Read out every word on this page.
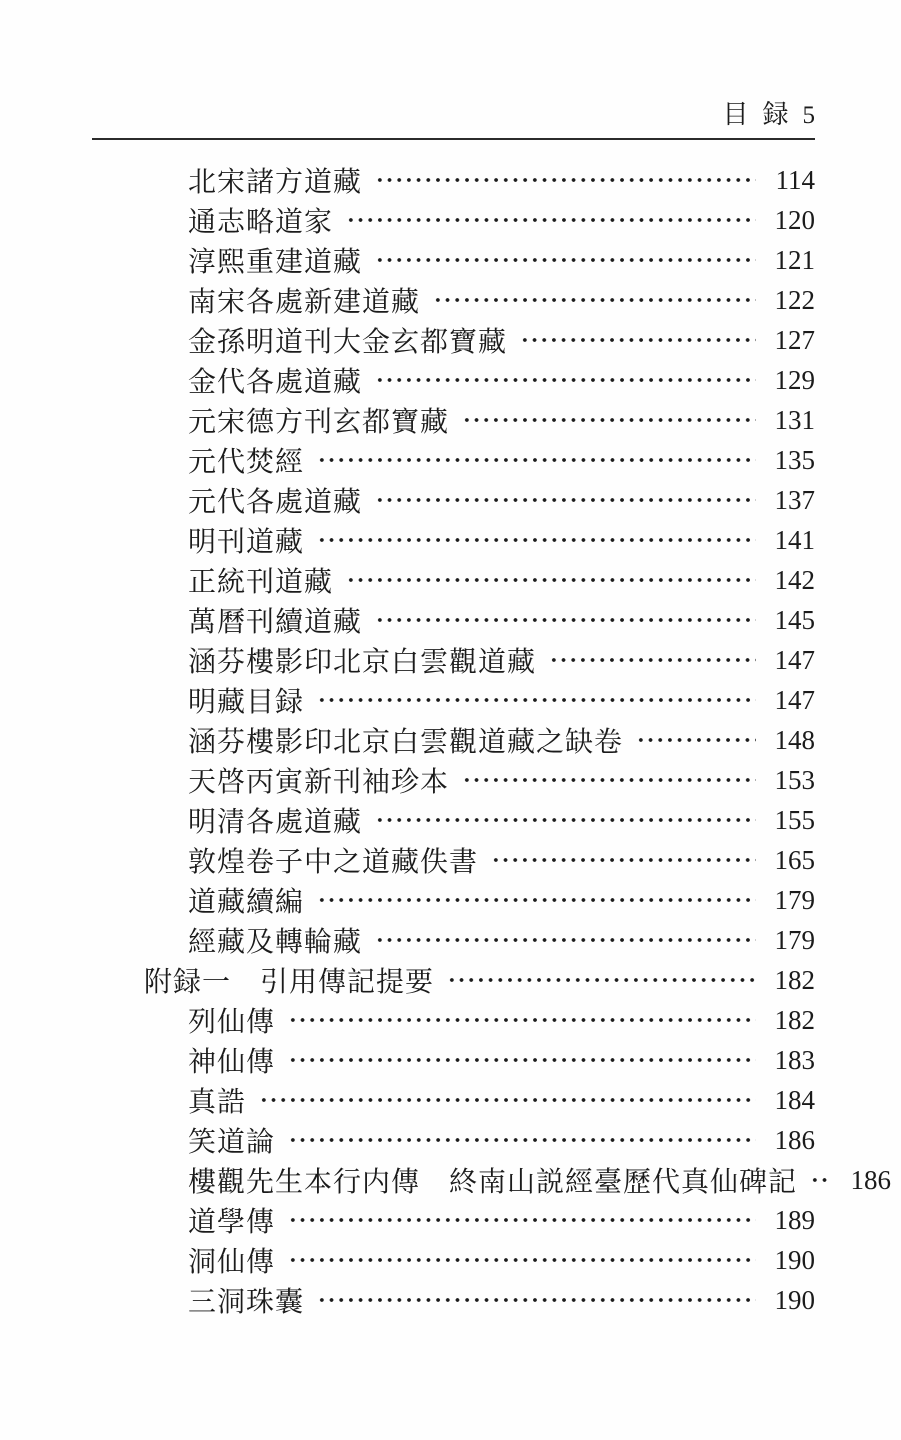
目録 5
北宋諸方道藏	114
通志略道家	120
淳熙重建道藏	121
南宋各處新建道藏	122
金孫明道刊大金玄都寶藏	127
金代各處道藏	129
元宋德方刊玄都寶藏	131
元代焚經	135
元代各處道藏	137
明刊道藏	141
正統刊道藏	142
萬曆刊續道藏	145
涵芬樓影印北京白雲觀道藏	147
明藏目録	147
涵芬樓影印北京白雲觀道藏之缺卷	148
天啓丙寅新刊袖珍本	153
明清各處道藏	155
敦煌卷子中之道藏佚書	165
道藏續編	179
經藏及轉輪藏	179
附録一　引用傳記提要	182
列仙傳	182
神仙傳	183
真誥	184
笑道論	186
樓觀先生本行内傳　終南山説經臺歷代真仙碑記 186
道學傳	189
洞仙傳	190
三洞珠囊	190
